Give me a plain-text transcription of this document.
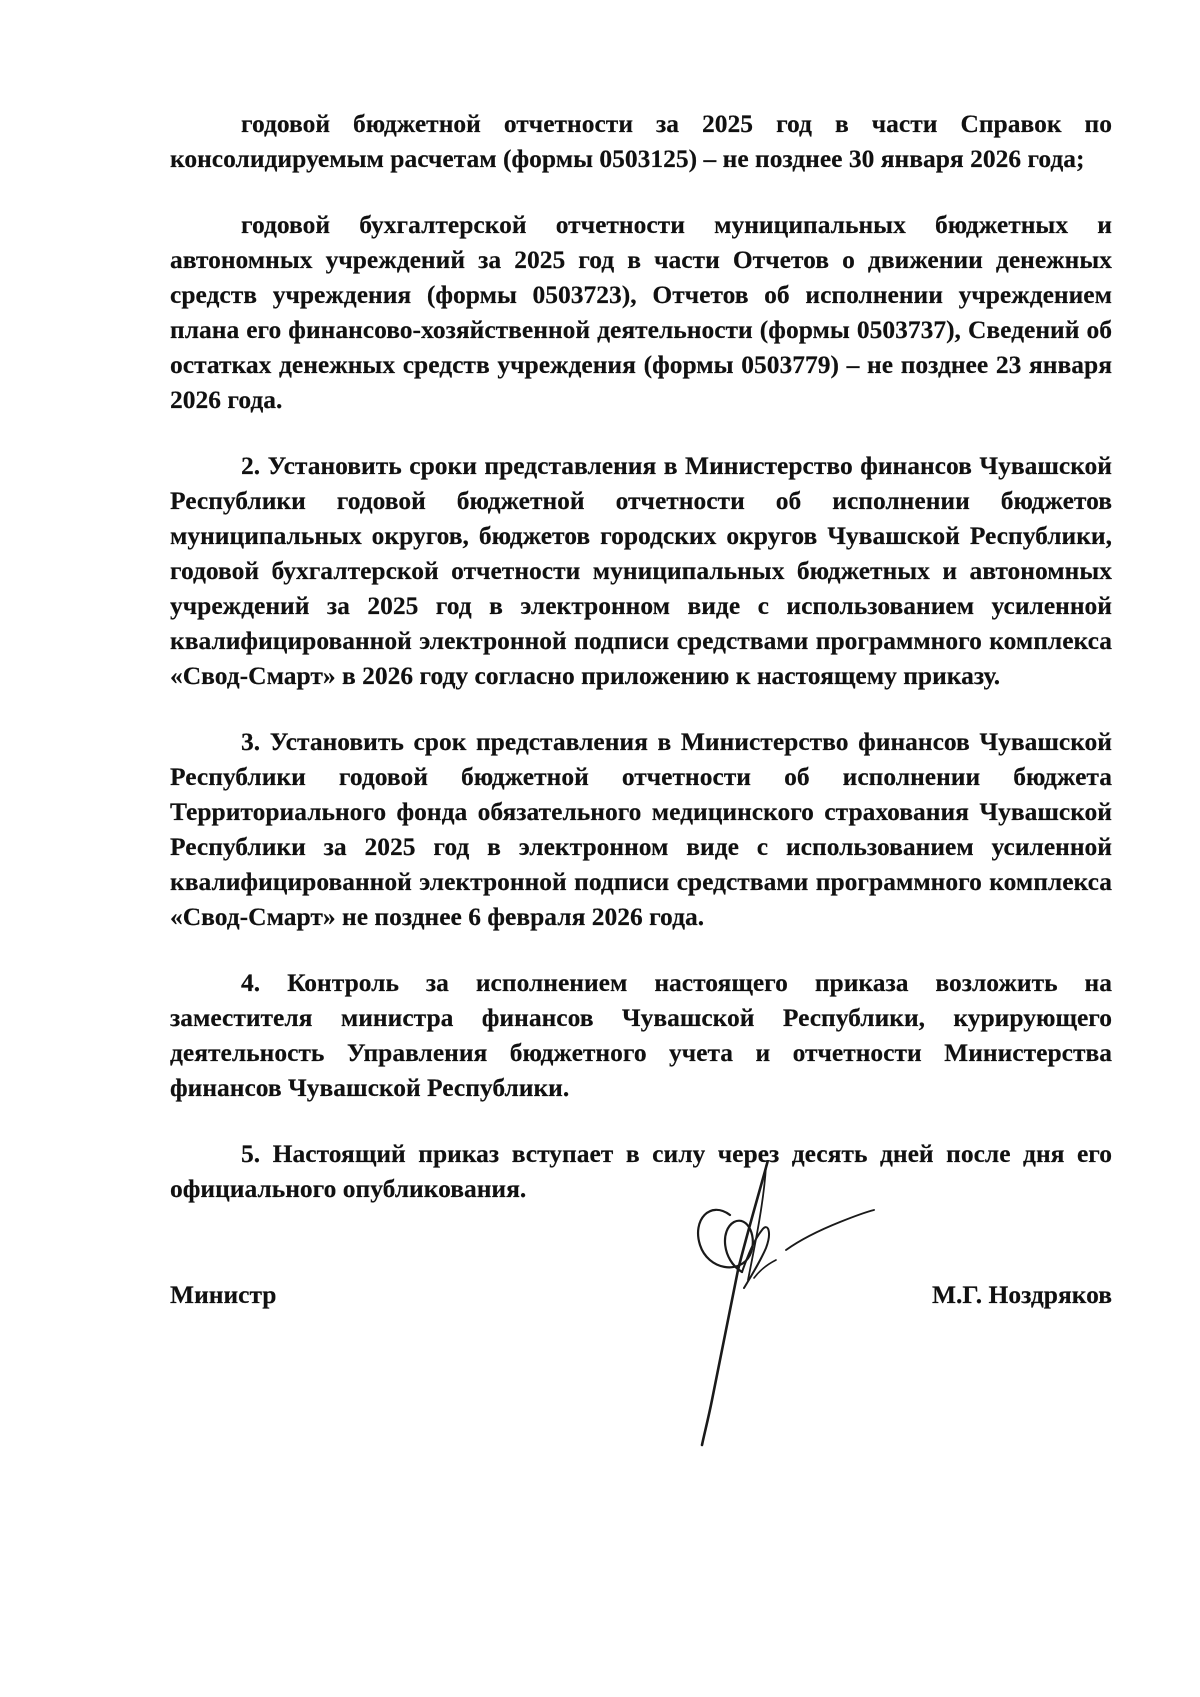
годовой бюджетной отчетности за 2025 год в части Справок по консолидируемым расчетам (формы 0503125) – не позднее 30 января 2026 года;

годовой бухгалтерской отчетности муниципальных бюджетных и автономных учреждений за 2025 год в части Отчетов о движении денежных средств учреждения (формы 0503723), Отчетов об исполнении учреждением плана его финансово-хозяйственной деятельности (формы 0503737), Сведений об остатках денежных средств учреждения (формы 0503779) – не позднее 23 января 2026 года.

2. Установить сроки представления в Министерство финансов Чувашской Республики годовой бюджетной отчетности об исполнении бюджетов муниципальных округов, бюджетов городских округов Чувашской Республики, годовой бухгалтерской отчетности муниципальных бюджетных и автономных учреждений за 2025 год в электронном виде с использованием усиленной квалифицированной электронной подписи средствами программного комплекса «Свод-Смарт» в 2026 году согласно приложению к настоящему приказу.

3. Установить срок представления в Министерство финансов Чувашской Республики годовой бюджетной отчетности об исполнении бюджета Территориального фонда обязательного медицинского страхования Чувашской Республики за 2025 год в электронном виде с использованием усиленной квалифицированной электронной подписи средствами программного комплекса «Свод-Смарт» не позднее 6 февраля 2026 года.

4. Контроль за исполнением настоящего приказа возложить на заместителя министра финансов Чувашской Республики, курирующего деятельность Управления бюджетного учета и отчетности Министерства финансов Чувашской Республики.

5. Настоящий приказ вступает в силу через десять дней после дня его официального опубликования.

Министр	М.Г. Ноздряков
